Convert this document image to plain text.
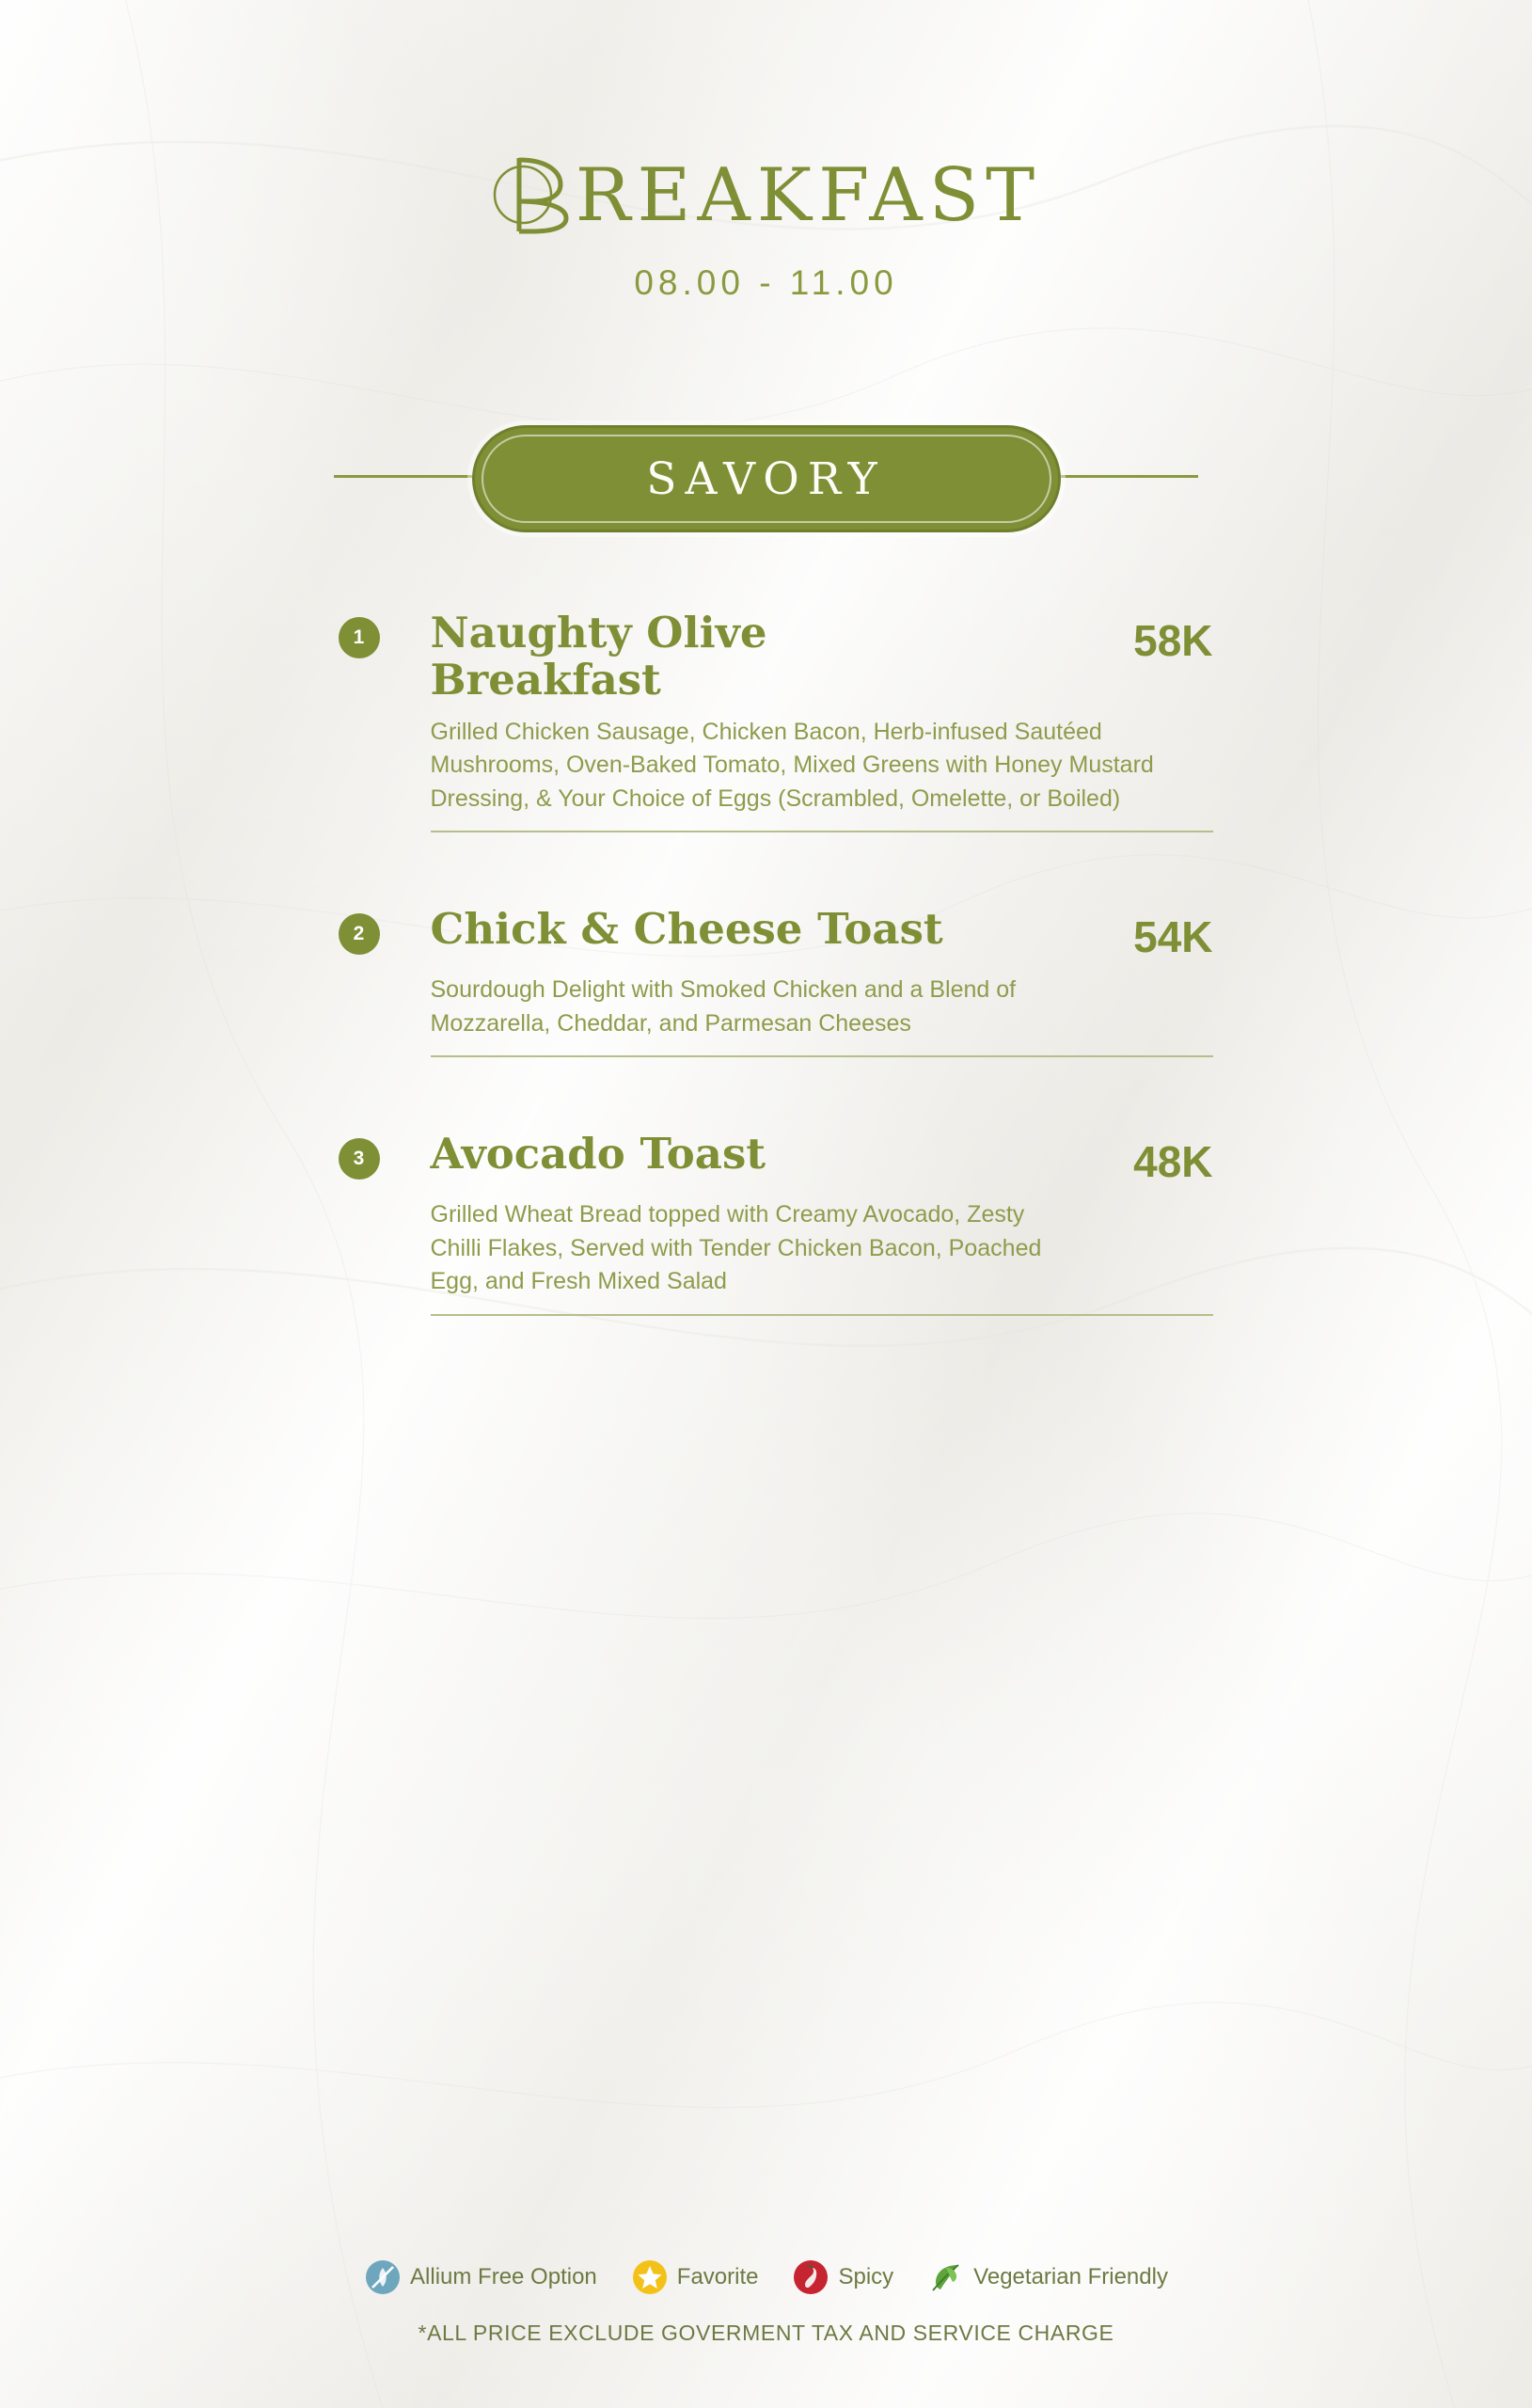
REAKFAST
08.00 - 11.00
SAVORY
1	Naughty Olive Breakfast
58K
Grilled Chicken Sausage, Chicken Bacon, Herb-infused Sautéed Mushrooms, Oven-Baked Tomato, Mixed Greens with Honey Mustard Dressing, & Your Choice of Eggs (Scrambled, Omelette, or Boiled)
2	Chick & Cheese Toast	54K
Sourdough Delight with Smoked Chicken and a Blend of Mozzarella, Cheddar, and Parmesan Cheeses
3	Avocado Toast	48K
Grilled Wheat Bread topped with Creamy Avocado, Zesty Chilli Flakes, Served with Tender Chicken Bacon, Poached Egg, and Fresh Mixed Salad
Allium Free Option	Favorite	Spicy	Vegetarian Friendly
*ALL PRICE EXCLUDE GOVERMENT TAX AND SERVICE CHARGE
